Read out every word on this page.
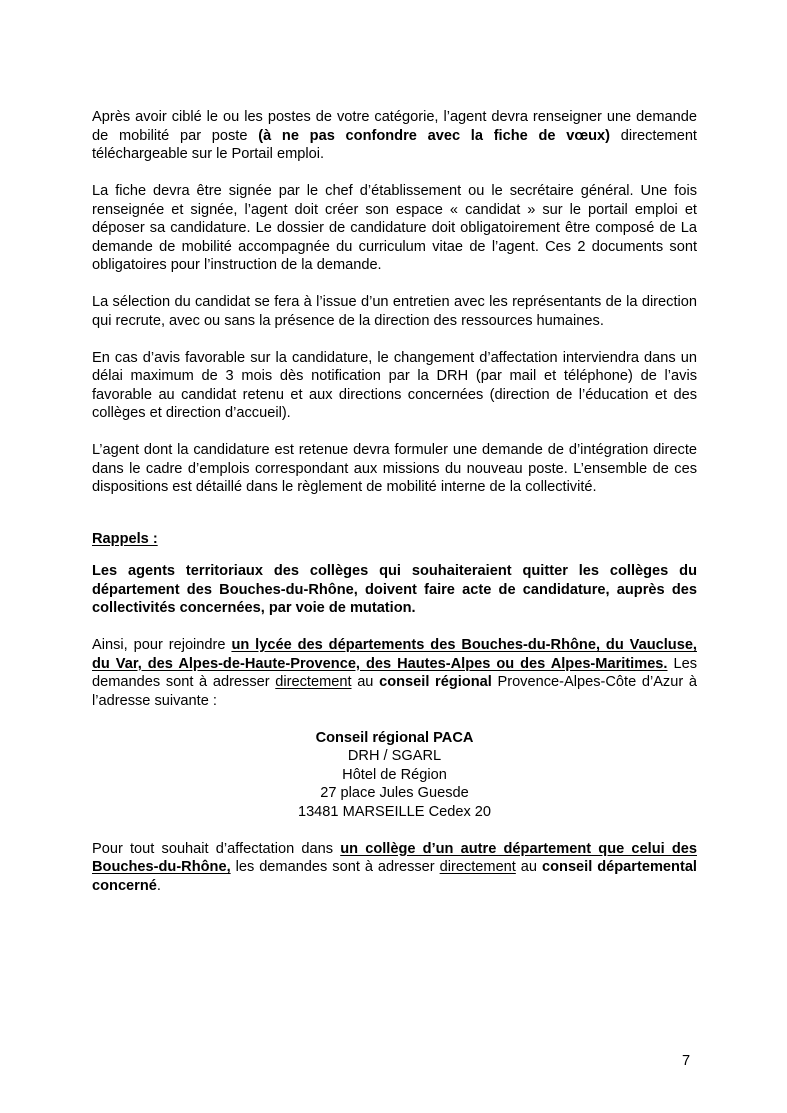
Après avoir ciblé le ou les postes de votre catégorie, l’agent devra renseigner une demande de mobilité par poste (à ne pas confondre avec la fiche de vœux) directement téléchargeable sur le Portail emploi.

La fiche devra être signée par le chef d’établissement ou le secrétaire général. Une fois renseignée et signée, l’agent doit créer son espace « candidat » sur le portail emploi et déposer sa candidature. Le dossier de candidature doit obligatoirement être composé de La demande de mobilité accompagnée du curriculum vitae de l’agent. Ces 2 documents sont obligatoires pour l’instruction de la demande.

La sélection du candidat se fera à l’issue d’un entretien avec les représentants de la direction qui recrute, avec ou sans la présence de la direction des ressources humaines.

En cas d’avis favorable sur la candidature, le changement d’affectation interviendra dans un délai maximum de 3 mois dès notification par la DRH (par mail et téléphone) de l’avis favorable au candidat retenu et aux directions concernées (direction de l’éducation et des collèges et direction d’accueil).

L’agent dont la candidature est retenue devra formuler une demande de d’intégration directe dans le cadre d’emplois correspondant aux missions du nouveau poste. L’ensemble de ces dispositions est détaillé dans le règlement de mobilité interne de la collectivité.

Rappels :

Les agents territoriaux des collèges qui souhaiteraient quitter les collèges du département des Bouches-du-Rhône, doivent faire acte de candidature, auprès des collectivités concernées, par voie de mutation.

Ainsi, pour rejoindre un lycée des départements des Bouches-du-Rhône, du Vaucluse, du Var, des Alpes-de-Haute-Provence, des Hautes-Alpes ou des Alpes-Maritimes. Les demandes sont à adresser directement au conseil régional Provence-Alpes-Côte d’Azur à l’adresse suivante :

Conseil régional PACA
DRH / SGARL
Hôtel de Région
27 place Jules Guesde
13481 MARSEILLE Cedex 20

Pour tout souhait d’affectation dans un collège d’un autre département que celui des Bouches-du-Rhône, les demandes sont à adresser directement au conseil départemental concerné.

7
